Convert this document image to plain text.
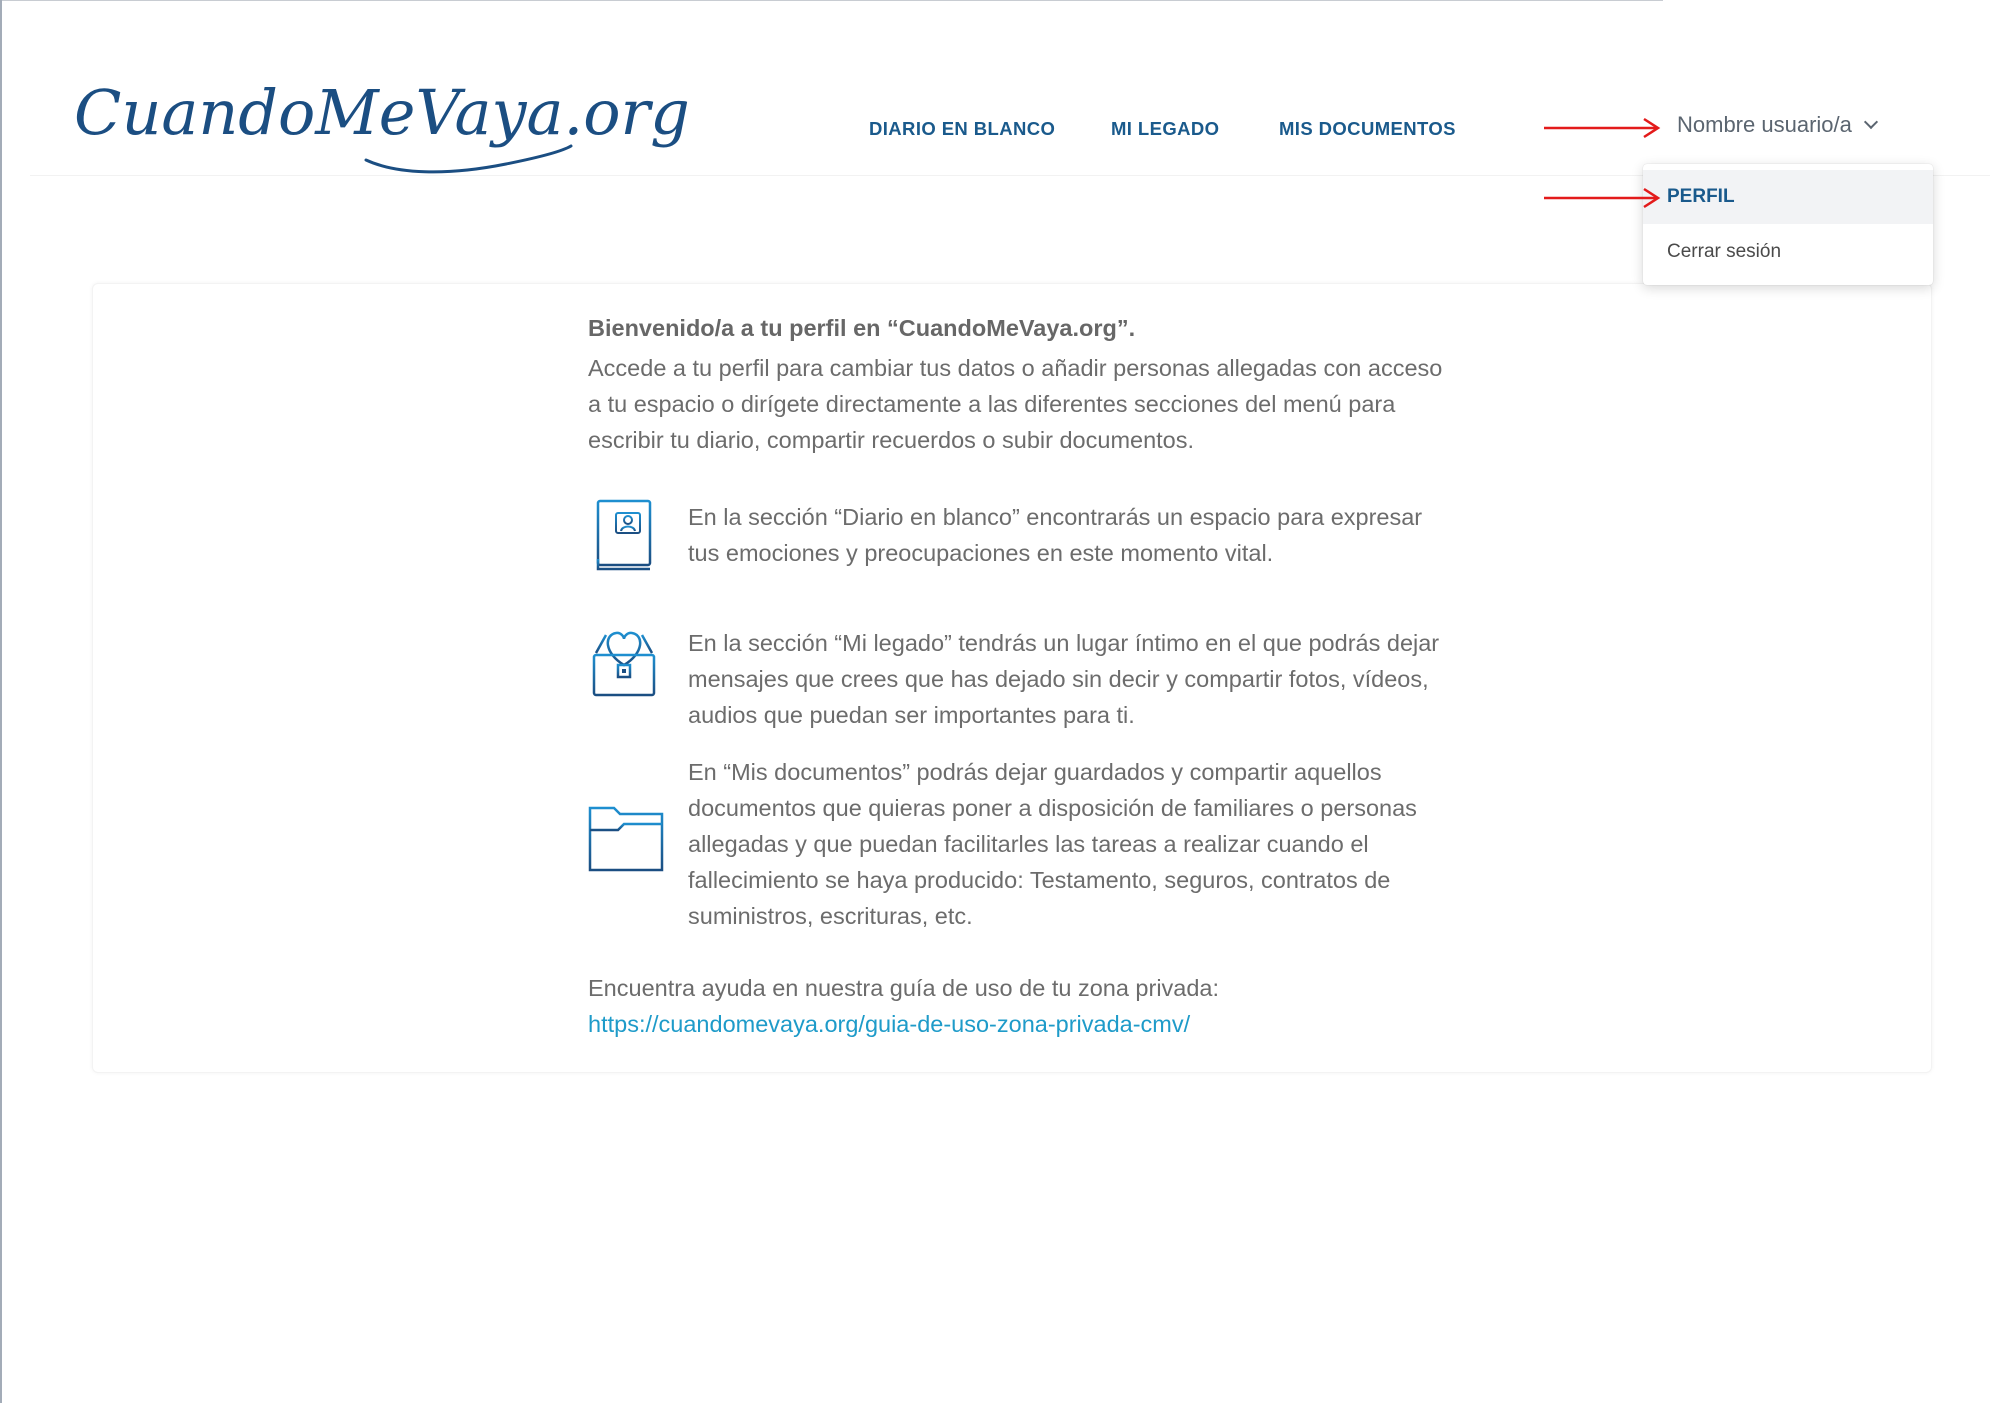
CuandoMeVaya.org	DIARIO EN BLANCO	MI LEGADO	MIS DOCUMENTOS	Nombre usuario/a
PERFIL
Cerrar sesión

Bienvenido/a a tu perfil en “CuandoMeVaya.org”.

Accede a tu perfil para cambiar tus datos o añadir personas allegadas con acceso a tu espacio o dirígete directamente a las diferentes secciones del menú para escribir tu diario, compartir recuerdos o subir documentos.

En la sección “Diario en blanco” encontrarás un espacio para expresar tus emociones y preocupaciones en este momento vital.

En la sección “Mi legado” tendrás un lugar íntimo en el que podrás dejar mensajes que crees que has dejado sin decir y compartir fotos, vídeos, audios que puedan ser importantes para ti.

En “Mis documentos” podrás dejar guardados y compartir aquellos documentos que quieras poner a disposición de familiares o personas allegadas y que puedan facilitarles las tareas a realizar cuando el fallecimiento se haya producido: Testamento, seguros, contratos de suministros, escrituras, etc.

Encuentra ayuda en nuestra guía de uso de tu zona privada:
https://cuandomevaya.org/guia-de-uso-zona-privada-cmv/
